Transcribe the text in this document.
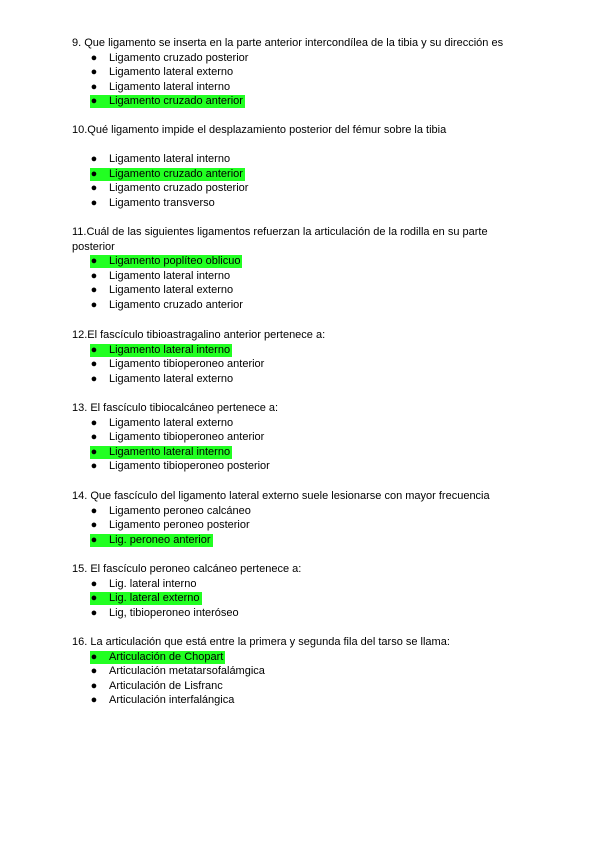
9. Que ligamento se inserta en la parte anterior intercondílea de la tibia y su dirección es
● Ligamento cruzado posterior
● Ligamento lateral externo
● Ligamento lateral interno
● Ligamento cruzado anterior
10.Qué ligamento impide el desplazamiento posterior del fémur sobre la tibia
● Ligamento lateral interno
● Ligamento cruzado anterior
● Ligamento cruzado posterior
● Ligamento transverso
11.Cuál de las siguientes ligamentos refuerzan la articulación de la rodilla en su parte posterior
● Ligamento poplíteo oblicuo
● Ligamento lateral interno
● Ligamento lateral externo
● Ligamento cruzado anterior
12.El fascículo tibioastragalino anterior pertenece a:
● Ligamento lateral interno
● Ligamento tibioperoneo anterior
● Ligamento lateral externo
13. El fascículo tibiocalcáneo pertenece a:
● Ligamento lateral externo
● Ligamento tibioperoneo anterior
● Ligamento lateral interno
● Ligamento tibioperoneo posterior
14. Que fascículo del ligamento lateral externo suele lesionarse con mayor frecuencia
● Ligamento peroneo calcáneo
● Ligamento peroneo posterior
● Lig. peroneo anterior
15. El fascículo peroneo calcáneo pertenece a:
● Lig. lateral interno
● Lig. lateral externo
● Lig, tibioperoneo interóseo
16. La articulación que está entre la primera y segunda fila del tarso se llama:
● Articulación de Chopart
● Articulación metatarsofalámgica
● Articulación de Lisfranc
● Articulación interfalángica
